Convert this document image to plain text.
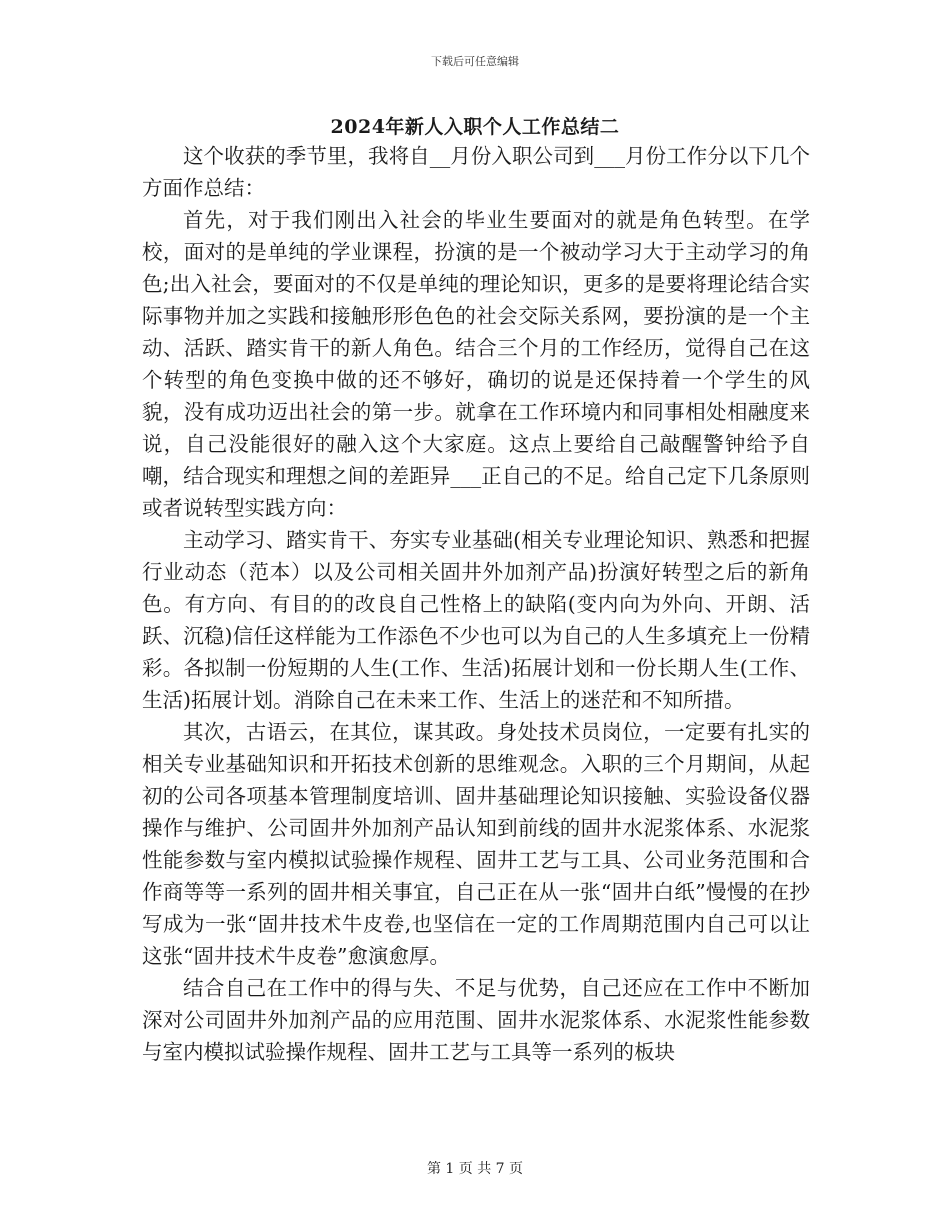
下载后可任意编辑
2024年新人入职个人工作总结二

这个收获的季节里，我将自__月份入职公司到___月份工作分以下几个方面作总结：

首先，对于我们刚出入社会的毕业生要面对的就是角色转型。在学校，面对的是单纯的学业课程，扮演的是一个被动学习大于主动学习的角色;出入社会，要面对的不仅是单纯的理论知识，更多的是要将理论结合实际事物并加之实践和接触形形色色的社会交际关系网，要扮演的是一个主动、活跃、踏实肯干的新人角色。结合三个月的工作经历，觉得自己在这个转型的角色变换中做的还不够好，确切的说是还保持着一个学生的风貌，没有成功迈出社会的第一步。就拿在工作环境内和同事相处相融度来说，自己没能很好的融入这个大家庭。这点上要给自己敲醒警钟给予自嘲，结合现实和理想之间的差距异___正自己的不足。给自己定下几条原则或者说转型实践方向：

主动学习、踏实肯干、夯实专业基础(相关专业理论知识、熟悉和把握行业动态（范本）以及公司相关固井外加剂产品)扮演好转型之后的新角色。有方向、有目的的改良自己性格上的缺陷(变内向为外向、开朗、活跃、沉稳)信任这样能为工作添色不少也可以为自己的人生多填充上一份精彩。各拟制一份短期的人生(工作、生活)拓展计划和一份长期人生(工作、生活)拓展计划。消除自己在未来工作、生活上的迷茫和不知所措。

其次，古语云，在其位，谋其政。身处技术员岗位，一定要有扎实的相关专业基础知识和开拓技术创新的思维观念。入职的三个月期间，从起初的公司各项基本管理制度培训、固井基础理论知识接触、实验设备仪器操作与维护、公司固井外加剂产品认知到前线的固井水泥浆体系、水泥浆性能参数与室内模拟试验操作规程、固井工艺与工具、公司业务范围和合作商等等一系列的固井相关事宜，自己正在从一张“固井白纸”慢慢的在抄写成为一张“固井技术牛皮卷,也坚信在一定的工作周期范围内自己可以让这张“固井技术牛皮卷”愈演愈厚。

结合自己在工作中的得与失、不足与优势，自己还应在工作中不断加深对公司固井外加剂产品的应用范围、固井水泥浆体系、水泥浆性能参数与室内模拟试验操作规程、固井工艺与工具等一系列的板块

第 1 页 共 7 页
